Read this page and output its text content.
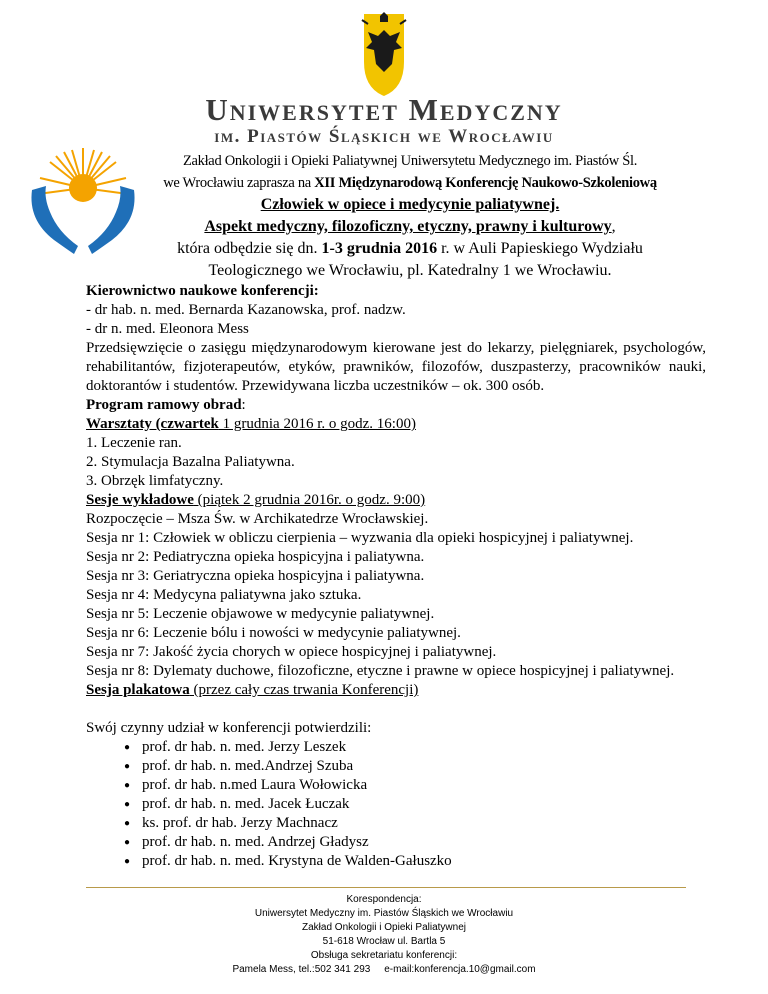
Uniwersytet Medyczny
im. Piastów Śląskich we Wrocławiu
Zakład Onkologii i Opieki Paliatywnej Uniwersytetu Medycznego im. Piastów Śl.
we Wrocławiu zaprasza na XII Międzynarodową Konferencję Naukowo-Szkoleniową
Człowiek w opiece i medycynie paliatywnej.
Aspekt medyczny, filozoficzny, etyczny, prawny i kulturowy,
która odbędzie się dn. 1-3 grudnia 2016 r. w Auli Papieskiego Wydziału
Teologicznego we Wrocławiu, pl. Katedralny 1 we Wrocławiu.

Kierownictwo naukowe konferencji:

- dr hab. n. med. Bernarda Kazanowska, prof. nadzw.

- dr n. med. Eleonora Mess

Przedsięwzięcie o zasięgu międzynarodowym kierowane jest do lekarzy, pielęgniarek, psychologów, rehabilitantów, fizjoterapeutów, etyków, prawników, filozofów, duszpasterzy, pracowników nauki, doktorantów i studentów. Przewidywana liczba uczestników – ok. 300 osób.

Program ramowy obrad:

Warsztaty (czwartek 1 grudnia 2016 r. o godz. 16:00)

1. Leczenie ran.

2. Stymulacja Bazalna Paliatywna.

3. Obrzęk limfatyczny.

Sesje wykładowe (piątek 2 grudnia 2016r. o godz. 9:00)

Rozpoczęcie – Msza Św. w Archikatedrze Wrocławskiej.

Sesja nr 1: Człowiek w obliczu cierpienia – wyzwania dla opieki hospicyjnej i paliatywnej.

Sesja nr 2: Pediatryczna opieka hospicyjna i paliatywna.

Sesja nr 3: Geriatryczna opieka hospicyjna i paliatywna.

Sesja nr 4: Medycyna paliatywna jako sztuka.

Sesja nr 5: Leczenie objawowe w medycynie paliatywnej.

Sesja nr 6: Leczenie bólu i nowości w medycynie paliatywnej.

Sesja nr 7: Jakość życia chorych w opiece hospicyjnej i paliatywnej.

Sesja nr 8: Dylematy duchowe, filozoficzne, etyczne i prawne w opiece hospicyjnej i paliatywnej.

Sesja plakatowa (przez cały czas trwania Konferencji)

Swój czynny udział w konferencji potwierdzili:

● prof. dr hab. n. med. Jerzy Leszek
● prof. dr hab. n. med.Andrzej Szuba
● prof. dr hab. n.med Laura Wołowicka
● prof. dr hab. n. med. Jacek Łuczak
● ks. prof. dr hab. Jerzy Machnacz
● prof. dr hab. n. med. Andrzej Gładysz
● prof. dr hab. n. med. Krystyna de Walden-Gałuszko
Korespondencja:
Uniwersytet Medyczny im. Piastów Śląskich we Wrocławiu
Zakład Onkologii i Opieki Paliatywnej
51-618 Wrocław ul. Bartla 5
Obsługa sekretariatu konferencji:
Pamela Mess, tel.:502 341 293     e-mail:konferencja.10@gmail.com
